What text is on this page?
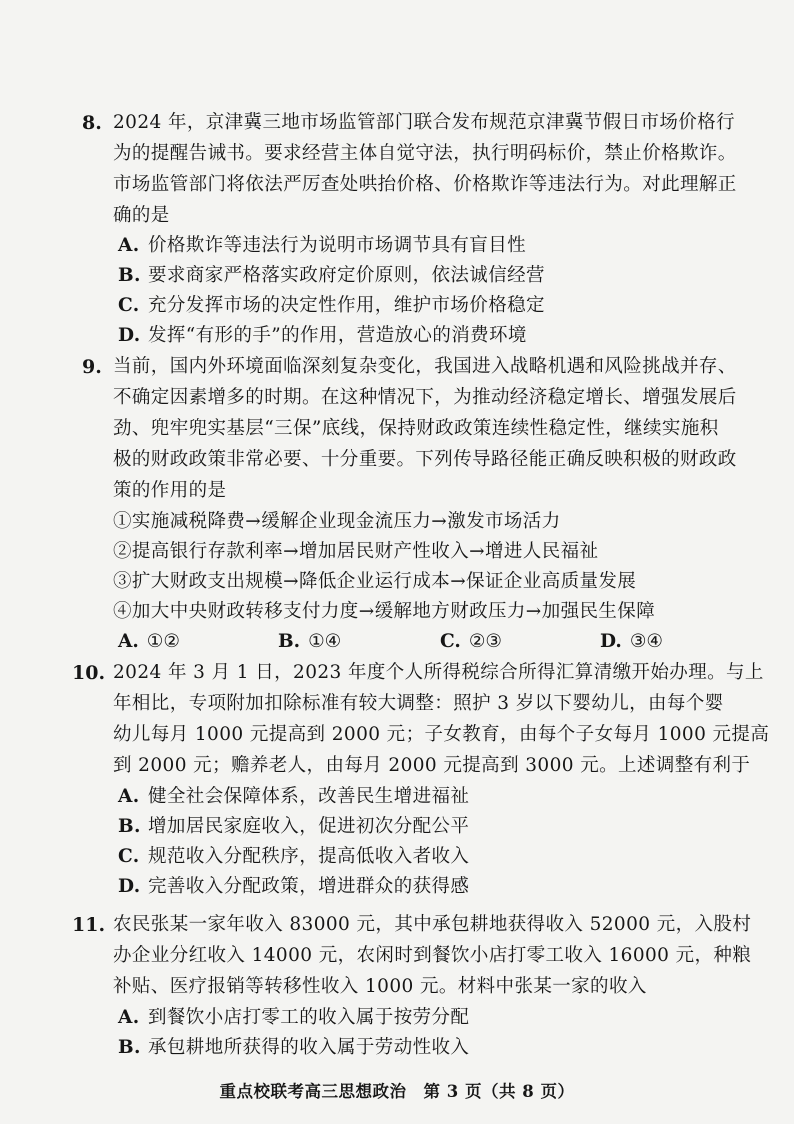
8. 2024 年，京津冀三地市场监管部门联合发布规范京津冀节假日市场价格行
为的提醒告诫书。要求经营主体自觉守法，执行明码标价，禁止价格欺诈。
市场监管部门将依法严厉查处哄抬价格、价格欺诈等违法行为。对此理解正
确的是
A. 价格欺诈等违法行为说明市场调节具有盲目性
B. 要求商家严格落实政府定价原则，依法诚信经营
C. 充分发挥市场的决定性作用，维护市场价格稳定
D. 发挥“有形的手”的作用，营造放心的消费环境
9. 当前，国内外环境面临深刻复杂变化，我国进入战略机遇和风险挑战并存、
不确定因素增多的时期。在这种情况下，为推动经济稳定增长、增强发展后
劲、兜牢兜实基层“三保”底线，保持财政政策连续性稳定性，继续实施积
极的财政政策非常必要、十分重要。下列传导路径能正确反映积极的财政政
策的作用的是
①实施减税降费→缓解企业现金流压力→激发市场活力
②提高银行存款利率→增加居民财产性收入→增进人民福祉
③扩大财政支出规模→降低企业运行成本→保证企业高质量发展
④加大中央财政转移支付力度→缓解地方财政压力→加强民生保障
A. ①②	B. ①④	C. ②③	D. ③④
10. 2024 年 3 月 1 日，2023 年度个人所得税综合所得汇算清缴开始办理。与上
年相比，专项附加扣除标准有较大调整：照护 3 岁以下婴幼儿，由每个婴
幼儿每月 1000 元提高到 2000 元；子女教育，由每个子女每月 1000 元提高
到 2000 元；赡养老人，由每月 2000 元提高到 3000 元。上述调整有利于
A. 健全社会保障体系，改善民生增进福祉
B. 增加居民家庭收入，促进初次分配公平
C. 规范收入分配秩序，提高低收入者收入
D. 完善收入分配政策，增进群众的获得感
11. 农民张某一家年收入 83000 元，其中承包耕地获得收入 52000 元，入股村
办企业分红收入 14000 元，农闲时到餐饮小店打零工收入 16000 元，种粮
补贴、医疗报销等转移性收入 1000 元。材料中张某一家的收入
A. 到餐饮小店打零工的收入属于按劳分配
B. 承包耕地所获得的收入属于劳动性收入
重点校联考高三思想政治　第 3 页（共 8 页）
